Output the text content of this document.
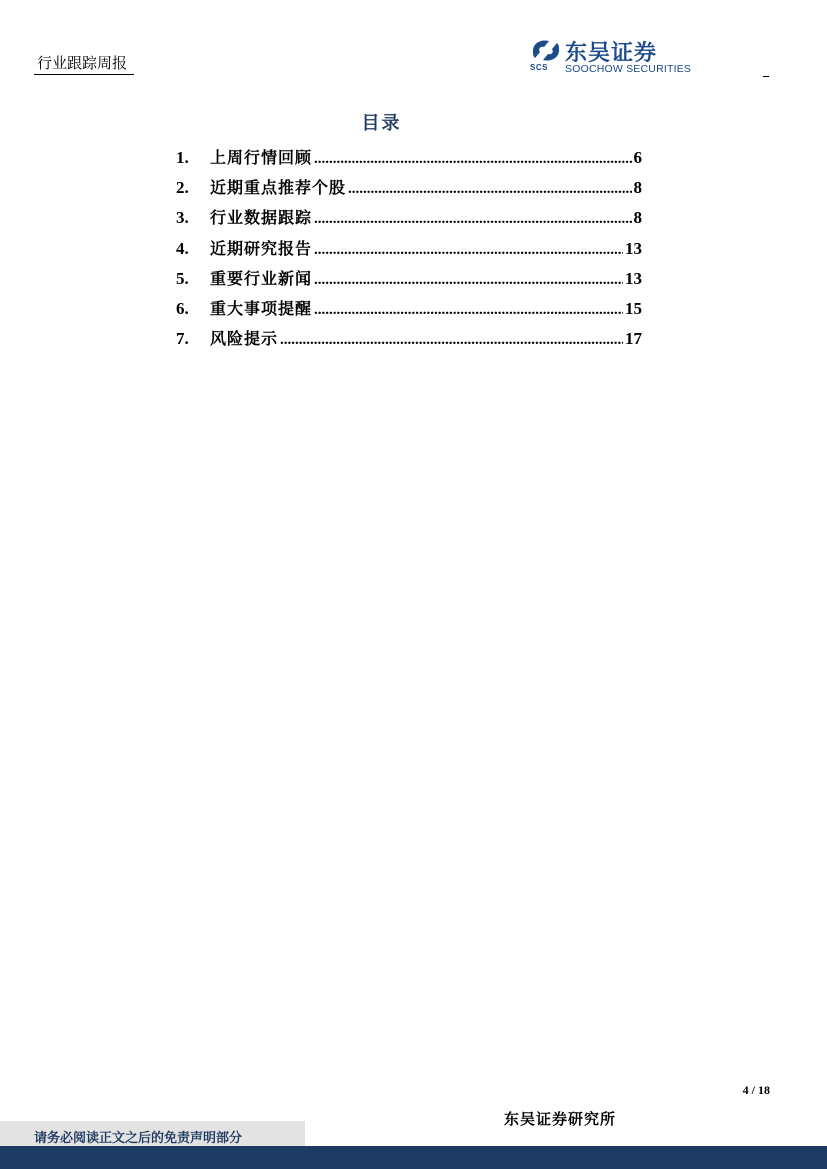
行业跟踪周报	SCS
东吴证券
SOOCHOW SECURITIES
目录
1.	上周行情回顾 .....	6
2.	近期重点推荐个股 .....	8
3.	行业数据跟踪 .....	8
4.	近期研究报告 .....	13
5.	重要行业新闻 .....	13
6.	重大事项提醒 .....	15
7.	风险提示 .....	17
4 / 18
东吴证券研究所
请务必阅读正文之后的免责声明部分
